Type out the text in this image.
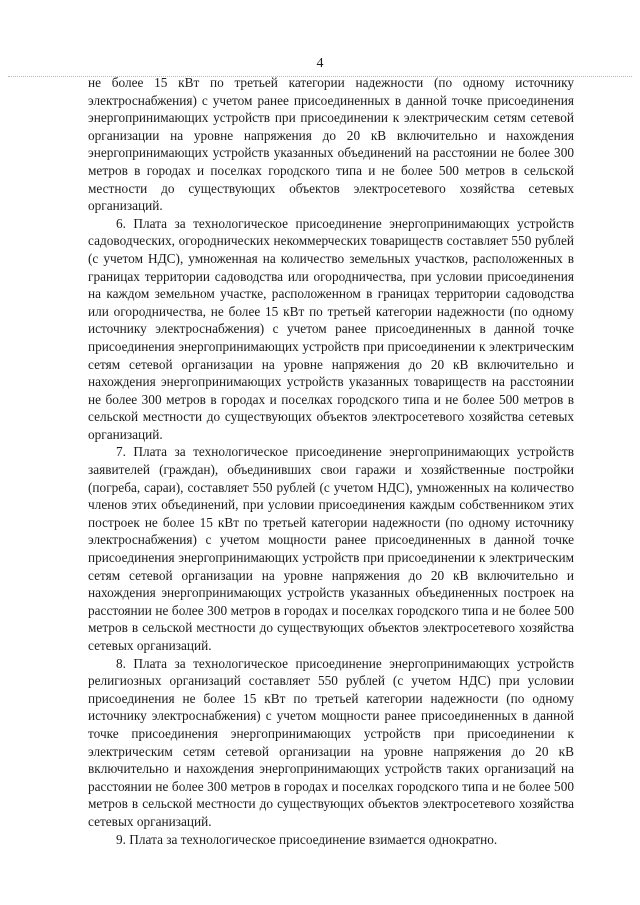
4

не более 15 кВт по третьей категории надежности (по одному источнику электроснабжения) с учетом ранее присоединенных в данной точке присоединения энергопринимающих устройств при присоединении к электрическим сетям сетевой организации на уровне напряжения до 20 кВ включительно и нахождения энергопринимающих устройств указанных объединений на расстоянии не более 300 метров в городах и поселках городского типа и не более 500 метров в сельской местности до существующих объектов электросетевого хозяйства сетевых организаций.

6. Плата за технологическое присоединение энергопринимающих устройств садоводческих, огороднических некоммерческих товариществ составляет 550 рублей (с учетом НДС), умноженная на количество земельных участков, расположенных в границах территории садоводства или огородничества, при условии присоединения на каждом земельном участке, расположенном в границах территории садоводства или огородничества, не более 15 кВт по третьей категории надежности (по одному источнику электроснабжения) с учетом ранее присоединенных в данной точке присоединения энергопринимающих устройств при присоединении к электрическим сетям сетевой организации на уровне напряжения до 20 кВ включительно и нахождения энергопринимающих устройств указанных товариществ на расстоянии не более 300 метров в городах и поселках городского типа и не более 500 метров в сельской местности до существующих объектов электросетевого хозяйства сетевых организаций.

7. Плата за технологическое присоединение энергопринимающих устройств заявителей (граждан), объединивших свои гаражи и хозяйственные постройки (погреба, сараи), составляет 550 рублей (с учетом НДС), умноженных на количество членов этих объединений, при условии присоединения каждым собственником этих построек не более 15 кВт по третьей категории надежности (по одному источнику электроснабжения) с учетом мощности ранее присоединенных в данной точке присоединения энергопринимающих устройств при присоединении к электрическим сетям сетевой организации на уровне напряжения до 20 кВ включительно и нахождения энергопринимающих устройств указанных объединенных построек на расстоянии не более 300 метров в городах и поселках городского типа и не более 500 метров в сельской местности до существующих объектов электросетевого хозяйства сетевых организаций.

8. Плата за технологическое присоединение энергопринимающих устройств религиозных организаций составляет 550 рублей (с учетом НДС) при условии присоединения не более 15 кВт по третьей категории надежности (по одному источнику электроснабжения) с учетом мощности ранее присоединенных в данной точке присоединения энергопринимающих устройств при присоединении к электрическим сетям сетевой организации на уровне напряжения до 20 кВ включительно и нахождения энергопринимающих устройств таких организаций на расстоянии не более 300 метров в городах и поселках городского типа и не более 500 метров в сельской местности до существующих объектов электросетевого хозяйства сетевых организаций.

9. Плата за технологическое присоединение взимается однократно.
